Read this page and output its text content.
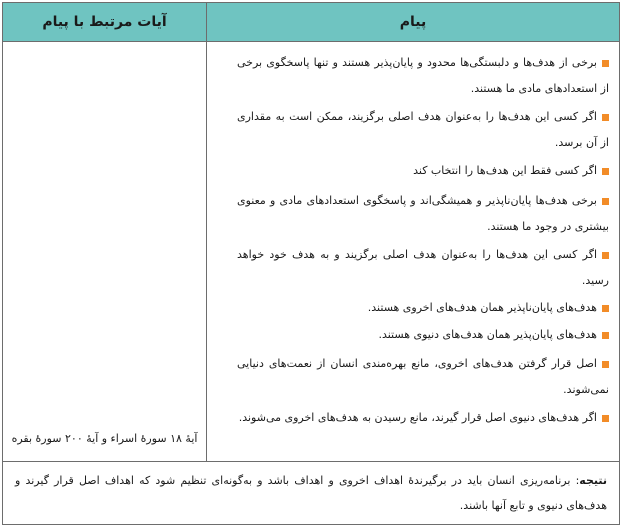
پیام
آیات مرتبط با پیام
برخی از هدف‌ها و دلبستگی‌ها محدود و پایان‌پذیر هستند و تنها پاسخگوی برخی از استعدادهای مادی ما هستند.
اگر کسی این هدف‌ها را به‌عنوان هدف اصلی برگزیند، ممکن است به مقداری از آن برسد.
اگر کسی فقط این هدف‌ها را انتخاب کند
برخی هدف‌ها پایان‌ناپذیر و همیشگی‌اند و پاسخگوی استعدادهای مادی و معنوی بیشتری در وجود ما هستند.
اگر کسی این هدف‌ها را به‌عنوان هدف اصلی برگزیند و به هدف خود خواهد رسید.
هدف‌های پایان‌ناپذیر همان هدف‌های اخروی هستند.
هدف‌های پایان‌پذیر همان هدف‌های دنیوی هستند.
اصل قرار گرفتن هدف‌های اخروی، مانع بهره‌مندی انسان از نعمت‌های دنیایی نمی‌شوند.
اگر هدف‌های دنیوی اصل قرار گیرند، مانع رسیدن به هدف‌های اخروی می‌شوند.
آیهٔ ۱۸ سورهٔ اسراء و آیهٔ ۲۰۰ سورهٔ بقره
نتیجه: برنامه‌ریزی انسان باید در برگیرندهٔ اهداف اخروی و اهداف باشد و به‌گونه‌ای تنظیم شود که اهداف اصل قرار گیرند و هدف‌های دنیوی و تابع آنها باشند.
